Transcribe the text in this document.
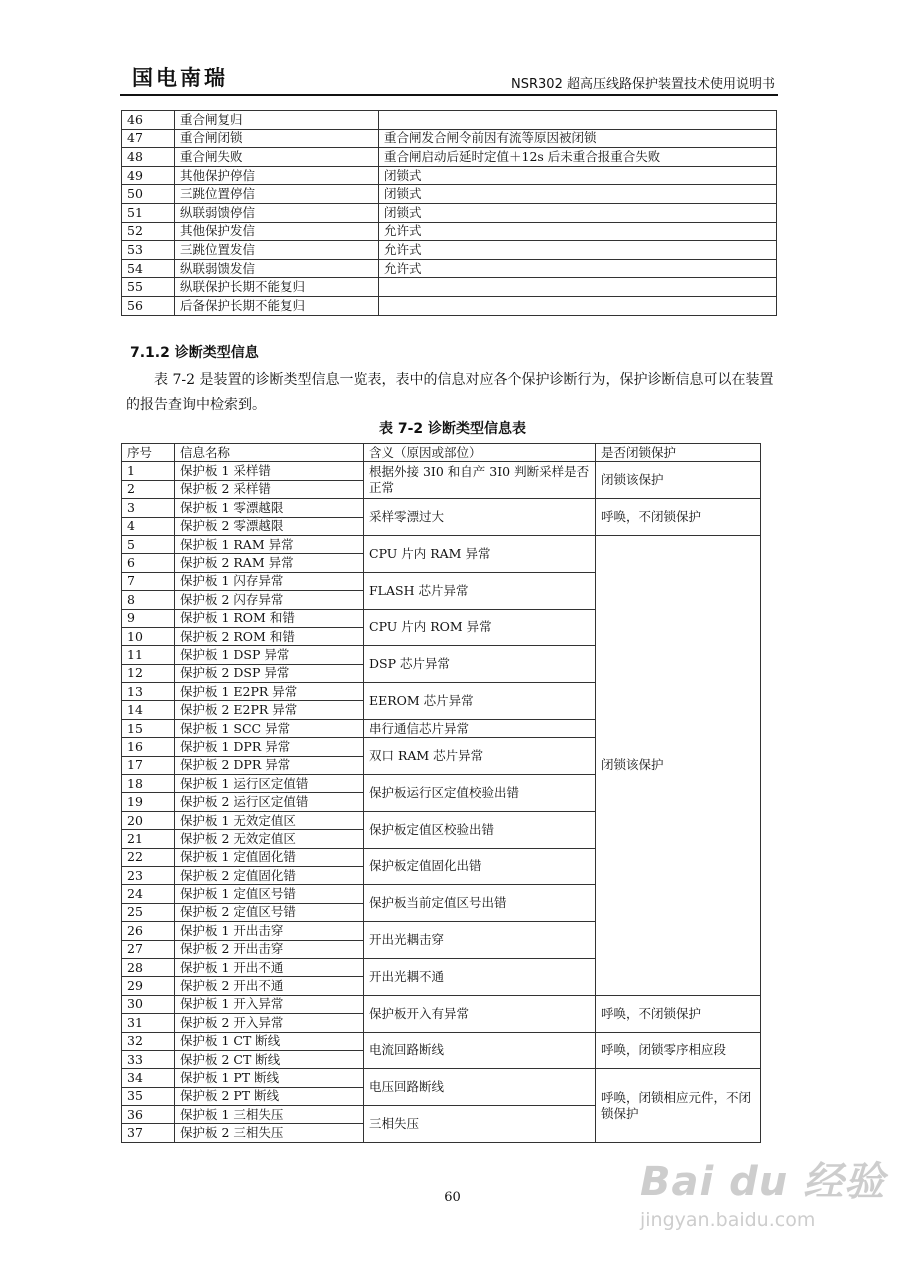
国电南瑞	NSR302 超高压线路保护装置技术使用说明书
46	重合闸复归	
47	重合闸闭锁	重合闸发合闸令前因有流等原因被闭锁
48	重合闸失败	重合闸启动后延时定值＋12s 后未重合报重合失败
49	其他保护停信	闭锁式
50	三跳位置停信	闭锁式
51	纵联弱馈停信	闭锁式
52	其他保护发信	允许式
53	三跳位置发信	允许式
54	纵联弱馈发信	允许式
55	纵联保护长期不能复归	
56	后备保护长期不能复归	
7.1.2 诊断类型信息
表 7-2 是装置的诊断类型信息一览表，表中的信息对应各个保护诊断行为，保护诊断信息可以在装置的报告查询中检索到。
表 7-2 诊断类型信息表
序号	信息名称	含义（原因或部位）	是否闭锁保护
1	保护板 1 采样错	根据外接 3I0 和自产 3I0 判断采样是否正常	闭锁该保护
2	保护板 2 采样错		
3	保护板 1 零漂越限	采样零漂过大	呼唤，不闭锁保护
4	保护板 2 零漂越限		
5	保护板 1 RAM 异常	CPU 片内 RAM 异常	闭锁该保护
6	保护板 2 RAM 异常		
7	保护板 1 闪存异常	FLASH 芯片异常	
8	保护板 2 闪存异常		
9	保护板 1 ROM 和错	CPU 片内 ROM 异常	
10	保护板 2 ROM 和错		
11	保护板 1 DSP 异常	DSP 芯片异常	
12	保护板 2 DSP 异常		
13	保护板 1 E2PR 异常	EEROM 芯片异常	
14	保护板 2 E2PR 异常		
15	保护板 1 SCC 异常	串行通信芯片异常	
16	保护板 1 DPR 异常	双口 RAM 芯片异常	
17	保护板 2 DPR 异常		
18	保护板 1 运行区定值错	保护板运行区定值校验出错	
19	保护板 2 运行区定值错		
20	保护板 1 无效定值区	保护板定值区校验出错	
21	保护板 2 无效定值区		
22	保护板 1 定值固化错	保护板定值固化出错	
23	保护板 2 定值固化错		
24	保护板 1 定值区号错	保护板当前定值区号出错	
25	保护板 2 定值区号错		
26	保护板 1 开出击穿	开出光耦击穿	
27	保护板 2 开出击穿		
28	保护板 1 开出不通	开出光耦不通	
29	保护板 2 开出不通		
30	保护板 1 开入异常	保护板开入有异常	呼唤，不闭锁保护
31	保护板 2 开入异常		
32	保护板 1 CT 断线	电流回路断线	呼唤，闭锁零序相应段
33	保护板 2 CT 断线		
34	保护板 1 PT 断线	电压回路断线	呼唤，闭锁相应元件，不闭锁保护
35	保护板 2 PT 断线		
36	保护板 1 三相失压	三相失压	
37	保护板 2 三相失压		
60	Bai du 经验
jingyan.baidu.com
